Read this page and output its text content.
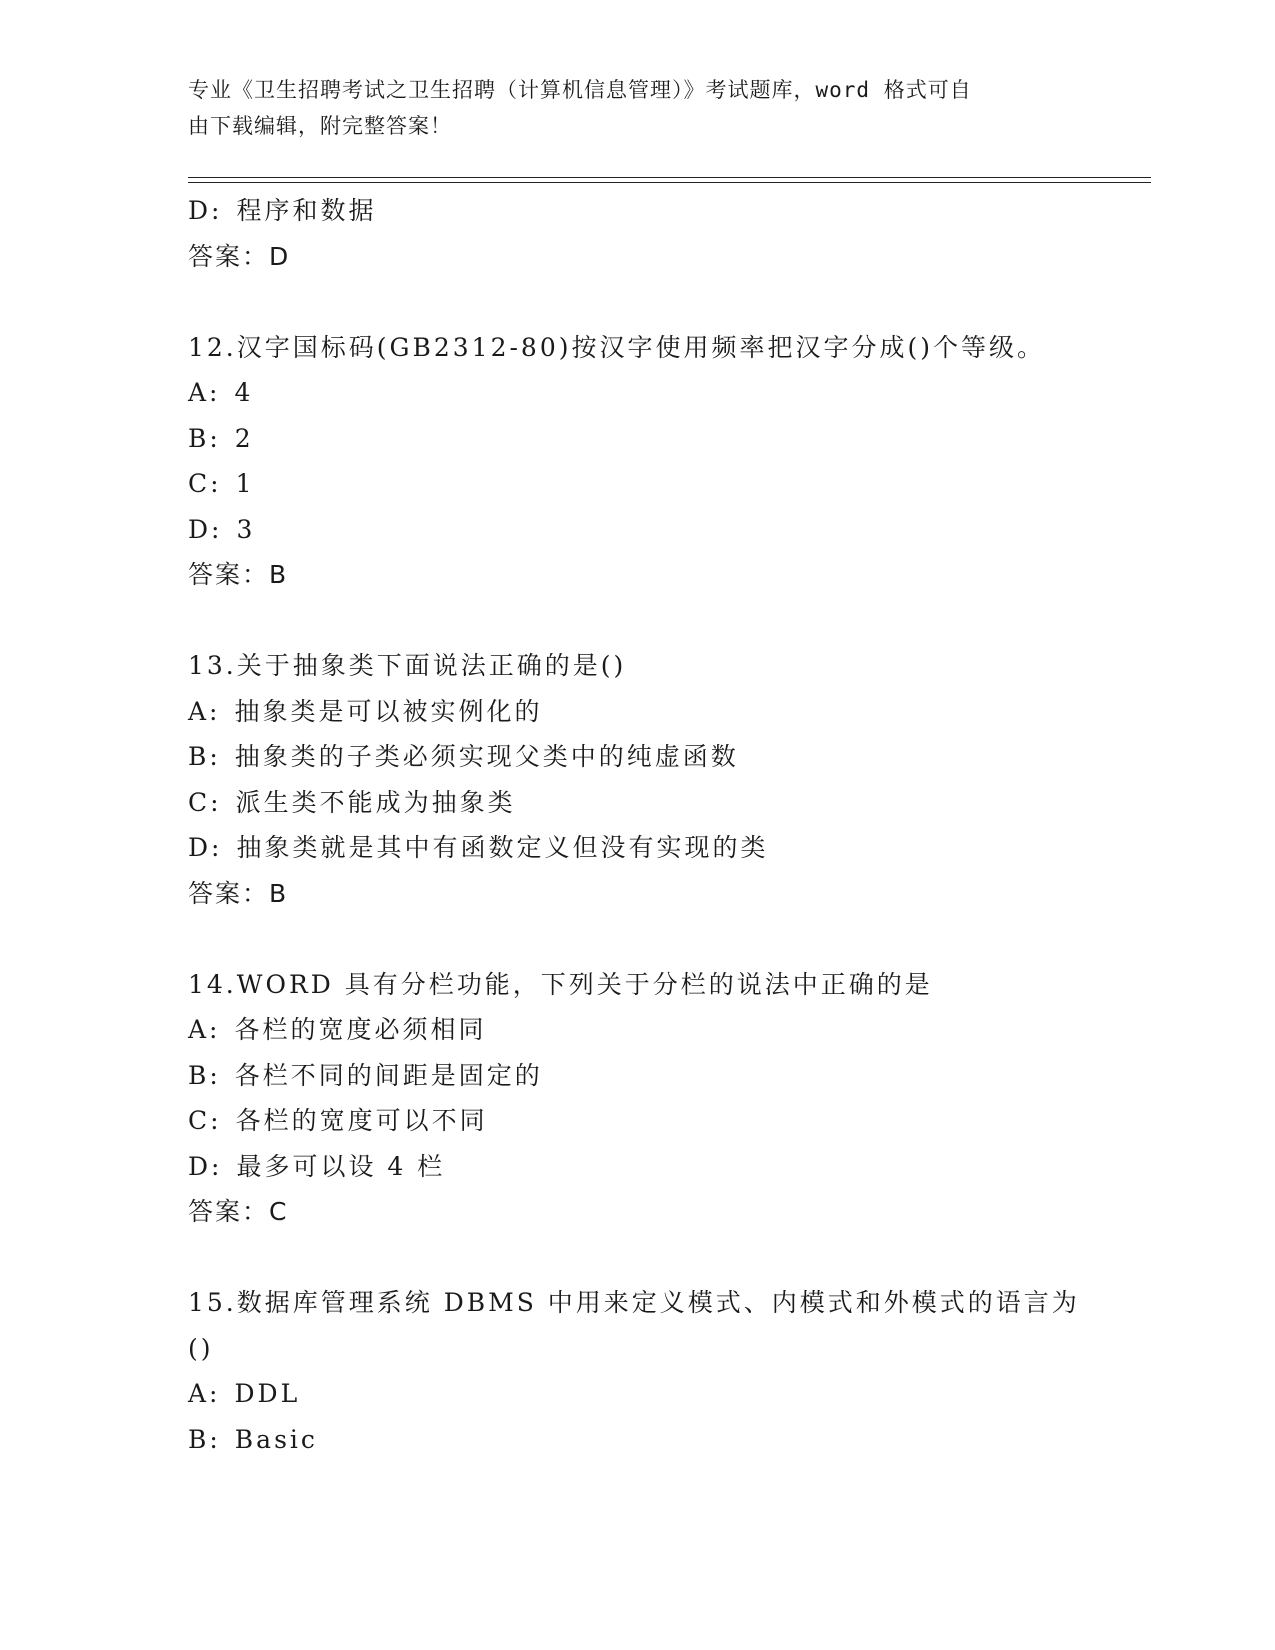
专业《卫生招聘考试之卫生招聘（计算机信息管理）》考试题库，word 格式可自
由下载编辑，附完整答案！
D: 程序和数据
答案：D
12.汉字国标码(GB2312-80)按汉字使用频率把汉字分成()个等级。
A: 4
B: 2
C: 1
D: 3
答案：B
13.关于抽象类下面说法正确的是()
A: 抽象类是可以被实例化的
B: 抽象类的子类必须实现父类中的纯虚函数
C: 派生类不能成为抽象类
D: 抽象类就是其中有函数定义但没有实现的类
答案：B
14.WORD 具有分栏功能，下列关于分栏的说法中正确的是
A: 各栏的宽度必须相同
B: 各栏不同的间距是固定的
C: 各栏的宽度可以不同
D: 最多可以设 4 栏
答案：C
15.数据库管理系统 DBMS 中用来定义模式、内模式和外模式的语言为
()
A: DDL
B: Basic
